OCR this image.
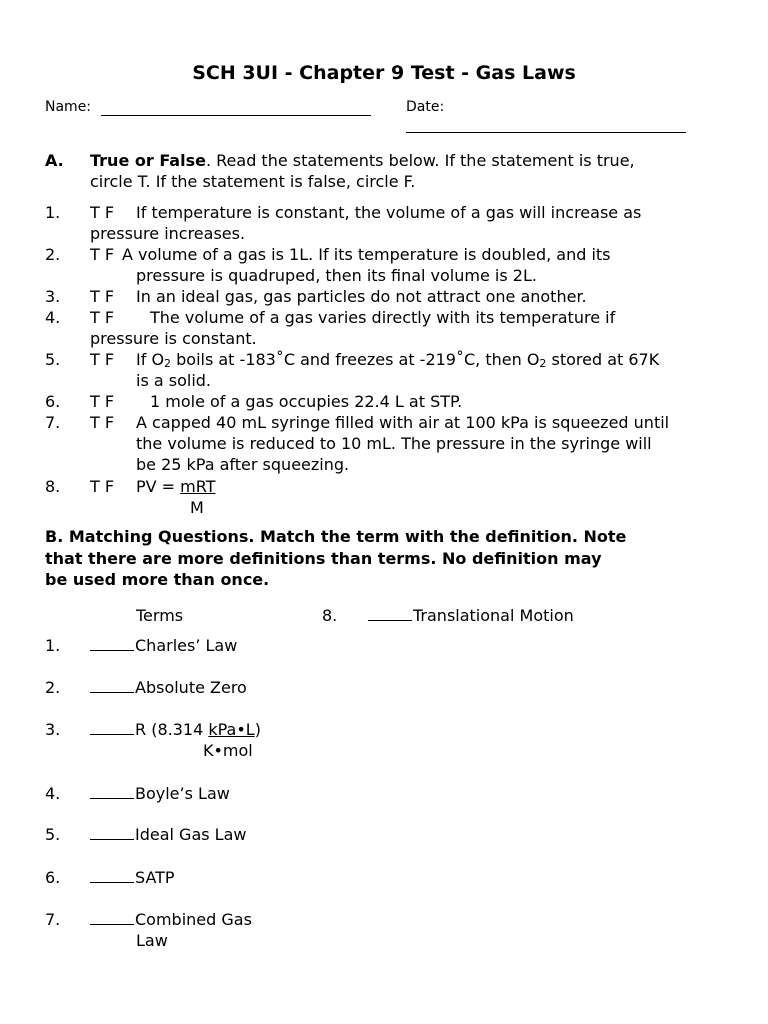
SCH 3UI - Chapter 9 Test - Gas Laws
Name:	Date:
A. True or False. Read the statements below. If the statement is true,
circle T. If the statement is false, circle F.
1. T F If temperature is constant, the volume of a gas will increase as
pressure increases.
2. T F A volume of a gas is 1L. If its temperature is doubled, and its
pressure is quadruped, then its final volume is 2L.
3. T F In an ideal gas, gas particles do not attract one another.
4. T F The volume of a gas varies directly with its temperature if
pressure is constant.
5. T F If $O_2$ boils at -183˚C and freezes at -219˚C, then $O_2$ stored at 67K
is a solid.
6. T F 1 mole of a gas occupies 22.4 L at STP.
7. T F A capped 40 mL syringe filled with air at 100 kPa is squeezed until
the volume is reduced to 10 mL. The pressure in the syringe will
be 25 kPa after squeezing.
8. T F PV = mRT
M
B. Matching Questions. Match the term with the definition. Note
that there are more definitions than terms. No definition may
be used more than once.
Terms	8.	Translational Motion
1.	Charles’ Law
2.	Absolute Zero
3.	R (8.314 kPa•L)
K•mol
4.	Boyle’s Law
5.	Ideal Gas Law
6.	SATP
7.	Combined Gas
Law
